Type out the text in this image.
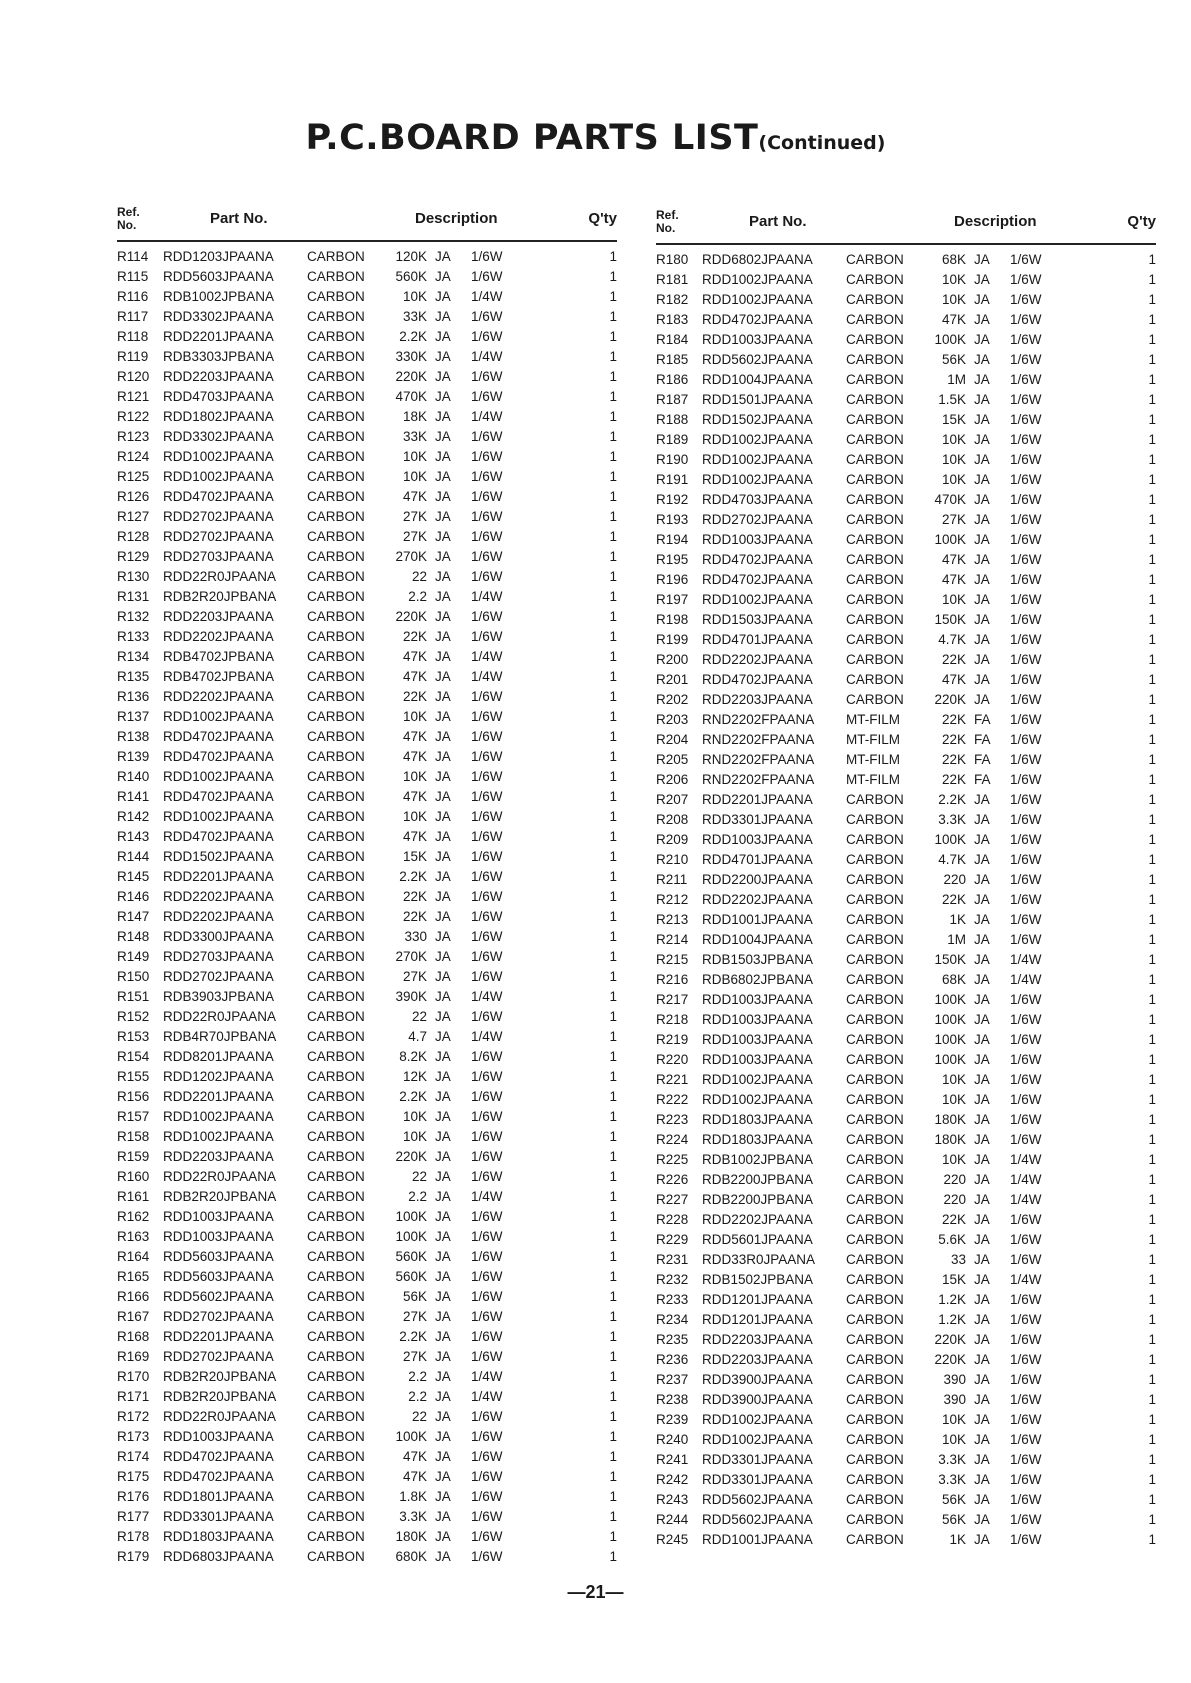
P.C.BOARD PARTS LIST(Continued)
Ref.
No.	Part No.	Description	Q'ty
R114 RDD1203JPAANA CARBON	120K JA 1/6W	1
R115 RDD5603JPAANA CARBON	560K JA 1/6W	1
R116 RDB1002JPBANA CARBON	10K JA 1/4W	1
R117 RDD3302JPAANA CARBON	33K JA 1/6W	1
R118 RDD2201JPAANA CARBON	2.2K JA 1/6W	1
R119 RDB3303JPBANA CARBON	330K JA 1/4W	1
R120 RDD2203JPAANA CARBON	220K JA 1/6W	1
R121 RDD4703JPAANA CARBON	470K JA 1/6W	1
R122 RDD1802JPAANA CARBON	18K JA 1/4W	1
R123 RDD3302JPAANA CARBON	33K JA 1/6W	1
R124 RDD1002JPAANA CARBON	10K JA 1/6W	1
R125 RDD1002JPAANA CARBON	10K JA 1/6W	1
R126 RDD4702JPAANA CARBON	47K JA 1/6W	1
R127 RDD2702JPAANA CARBON	27K JA 1/6W	1
R128 RDD2702JPAANA CARBON	27K JA 1/6W	1
R129 RDD2703JPAANA CARBON	270K JA 1/6W	1
R130 RDD22R0JPAANA CARBON	22 JA 1/6W	1
R131 RDB2R20JPBANA CARBON	2.2 JA 1/4W	1
R132 RDD2203JPAANA CARBON	220K JA 1/6W	1
R133 RDD2202JPAANA CARBON	22K JA 1/6W	1
R134 RDB4702JPBANA CARBON	47K JA 1/4W	1
R135 RDB4702JPBANA CARBON	47K JA 1/4W	1
R136 RDD2202JPAANA CARBON	22K JA 1/6W	1
R137 RDD1002JPAANA CARBON	10K JA 1/6W	1
R138 RDD4702JPAANA CARBON	47K JA 1/6W	1
R139 RDD4702JPAANA CARBON	47K JA 1/6W	1
R140 RDD1002JPAANA CARBON	10K JA 1/6W	1
R141 RDD4702JPAANA CARBON	47K JA 1/6W	1
R142 RDD1002JPAANA CARBON	10K JA 1/6W	1
R143 RDD4702JPAANA CARBON	47K JA 1/6W	1
R144 RDD1502JPAANA CARBON	15K JA 1/6W	1
R145 RDD2201JPAANA CARBON	2.2K JA 1/6W	1
R146 RDD2202JPAANA CARBON	22K JA 1/6W	1
R147 RDD2202JPAANA CARBON	22K JA 1/6W	1
R148 RDD3300JPAANA CARBON	330 JA 1/6W	1
R149 RDD2703JPAANA CARBON	270K JA 1/6W	1
R150 RDD2702JPAANA CARBON	27K JA 1/6W	1
R151 RDB3903JPBANA CARBON	390K JA 1/4W	1
R152 RDD22R0JPAANA CARBON	22 JA 1/6W	1
R153 RDB4R70JPBANA CARBON	4.7 JA 1/4W	1
R154 RDD8201JPAANA CARBON	8.2K JA 1/6W	1
R155 RDD1202JPAANA CARBON	12K JA 1/6W	1
R156 RDD2201JPAANA CARBON	2.2K JA 1/6W	1
R157 RDD1002JPAANA CARBON	10K JA 1/6W	1
R158 RDD1002JPAANA CARBON	10K JA 1/6W	1
R159 RDD2203JPAANA CARBON	220K JA 1/6W	1
R160 RDD22R0JPAANA CARBON	22 JA 1/6W	1
R161 RDB2R20JPBANA CARBON	2.2 JA 1/4W	1
R162 RDD1003JPAANA CARBON	100K JA 1/6W	1
R163 RDD1003JPAANA CARBON	100K JA 1/6W	1
R164 RDD5603JPAANA CARBON	560K JA 1/6W	1
R165 RDD5603JPAANA CARBON	560K JA 1/6W	1
R166 RDD5602JPAANA CARBON	56K JA 1/6W	1
R167 RDD2702JPAANA CARBON	27K JA 1/6W	1
R168 RDD2201JPAANA CARBON	2.2K JA 1/6W	1
R169 RDD2702JPAANA CARBON	27K JA 1/6W	1
R170 RDB2R20JPBANA CARBON	2.2 JA 1/4W	1
R171 RDB2R20JPBANA CARBON	2.2 JA 1/4W	1
R172 RDD22R0JPAANA CARBON	22 JA 1/6W	1
R173 RDD1003JPAANA CARBON	100K JA 1/6W	1
R174 RDD4702JPAANA CARBON	47K JA 1/6W	1
R175 RDD4702JPAANA CARBON	47K JA 1/6W	1
R176 RDD1801JPAANA CARBON	1.8K JA 1/6W	1
R177 RDD3301JPAANA CARBON	3.3K JA 1/6W	1
R178 RDD1803JPAANA CARBON	180K JA 1/6W	1
R179 RDD6803JPAANA CARBON	680K JA 1/6W	1
Ref.
No.	Part No.	Description	Q'ty
R180 RDD6802JPAANA CARBON	68K JA 1/6W	1
R181 RDD1002JPAANA CARBON	10K JA 1/6W	1
R182 RDD1002JPAANA CARBON	10K JA 1/6W	1
R183 RDD4702JPAANA CARBON	47K JA 1/6W	1
R184 RDD1003JPAANA CARBON	100K JA 1/6W	1
R185 RDD5602JPAANA CARBON	56K JA 1/6W	1
R186 RDD1004JPAANA CARBON	1M JA 1/6W	1
R187 RDD1501JPAANA CARBON	1.5K JA 1/6W	1
R188 RDD1502JPAANA CARBON	15K JA 1/6W	1
R189 RDD1002JPAANA CARBON	10K JA 1/6W	1
R190 RDD1002JPAANA CARBON	10K JA 1/6W	1
R191 RDD1002JPAANA CARBON	10K JA 1/6W	1
R192 RDD4703JPAANA CARBON	470K JA 1/6W	1
R193 RDD2702JPAANA CARBON	27K JA 1/6W	1
R194 RDD1003JPAANA CARBON	100K JA 1/6W	1
R195 RDD4702JPAANA CARBON	47K JA 1/6W	1
R196 RDD4702JPAANA CARBON	47K JA 1/6W	1
R197 RDD1002JPAANA CARBON	10K JA 1/6W	1
R198 RDD1503JPAANA CARBON	150K JA 1/6W	1
R199 RDD4701JPAANA CARBON	4.7K JA 1/6W	1
R200 RDD2202JPAANA CARBON	22K JA 1/6W	1
R201 RDD4702JPAANA CARBON	47K JA 1/6W	1
R202 RDD2203JPAANA CARBON	220K JA 1/6W	1
R203 RND2202FPAANA MT-FILM	22K FA 1/6W	1
R204 RND2202FPAANA MT-FILM	22K FA 1/6W	1
R205 RND2202FPAANA MT-FILM	22K FA 1/6W	1
R206 RND2202FPAANA MT-FILM	22K FA 1/6W	1
R207 RDD2201JPAANA CARBON	2.2K JA 1/6W	1
R208 RDD3301JPAANA CARBON	3.3K JA 1/6W	1
R209 RDD1003JPAANA CARBON	100K JA 1/6W	1
R210 RDD4701JPAANA CARBON	4.7K JA 1/6W	1
R211 RDD2200JPAANA CARBON	220 JA 1/6W	1
R212 RDD2202JPAANA CARBON	22K JA 1/6W	1
R213 RDD1001JPAANA CARBON	1K JA 1/6W	1
R214 RDD1004JPAANA CARBON	1M JA 1/6W	1
R215 RDB1503JPBANA CARBON	150K JA 1/4W	1
R216 RDB6802JPBANA CARBON	68K JA 1/4W	1
R217 RDD1003JPAANA CARBON	100K JA 1/6W	1
R218 RDD1003JPAANA CARBON	100K JA 1/6W	1
R219 RDD1003JPAANA CARBON	100K JA 1/6W	1
R220 RDD1003JPAANA CARBON	100K JA 1/6W	1
R221 RDD1002JPAANA CARBON	10K JA 1/6W	1
R222 RDD1002JPAANA CARBON	10K JA 1/6W	1
R223 RDD1803JPAANA CARBON	180K JA 1/6W	1
R224 RDD1803JPAANA CARBON	180K JA 1/6W	1
R225 RDB1002JPBANA CARBON	10K JA 1/4W	1
R226 RDB2200JPBANA CARBON	220 JA 1/4W	1
R227 RDB2200JPBANA CARBON	220 JA 1/4W	1
R228 RDD2202JPAANA CARBON	22K JA 1/6W	1
R229 RDD5601JPAANA CARBON	5.6K JA 1/6W	1
R231 RDD33R0JPAANA CARBON	33 JA 1/6W	1
R232 RDB1502JPBANA CARBON	15K JA 1/4W	1
R233 RDD1201JPAANA CARBON	1.2K JA 1/6W	1
R234 RDD1201JPAANA CARBON	1.2K JA 1/6W	1
R235 RDD2203JPAANA CARBON	220K JA 1/6W	1
R236 RDD2203JPAANA CARBON	220K JA 1/6W	1
R237 RDD3900JPAANA CARBON	390 JA 1/6W	1
R238 RDD3900JPAANA CARBON	390 JA 1/6W	1
R239 RDD1002JPAANA CARBON	10K JA 1/6W	1
R240 RDD1002JPAANA CARBON	10K JA 1/6W	1
R241 RDD3301JPAANA CARBON	3.3K JA 1/6W	1
R242 RDD3301JPAANA CARBON	3.3K JA 1/6W	1
R243 RDD5602JPAANA CARBON	56K JA 1/6W	1
R244 RDD5602JPAANA CARBON	56K JA 1/6W	1
R245 RDD1001JPAANA CARBON	1K JA 1/6W	1
—21—
